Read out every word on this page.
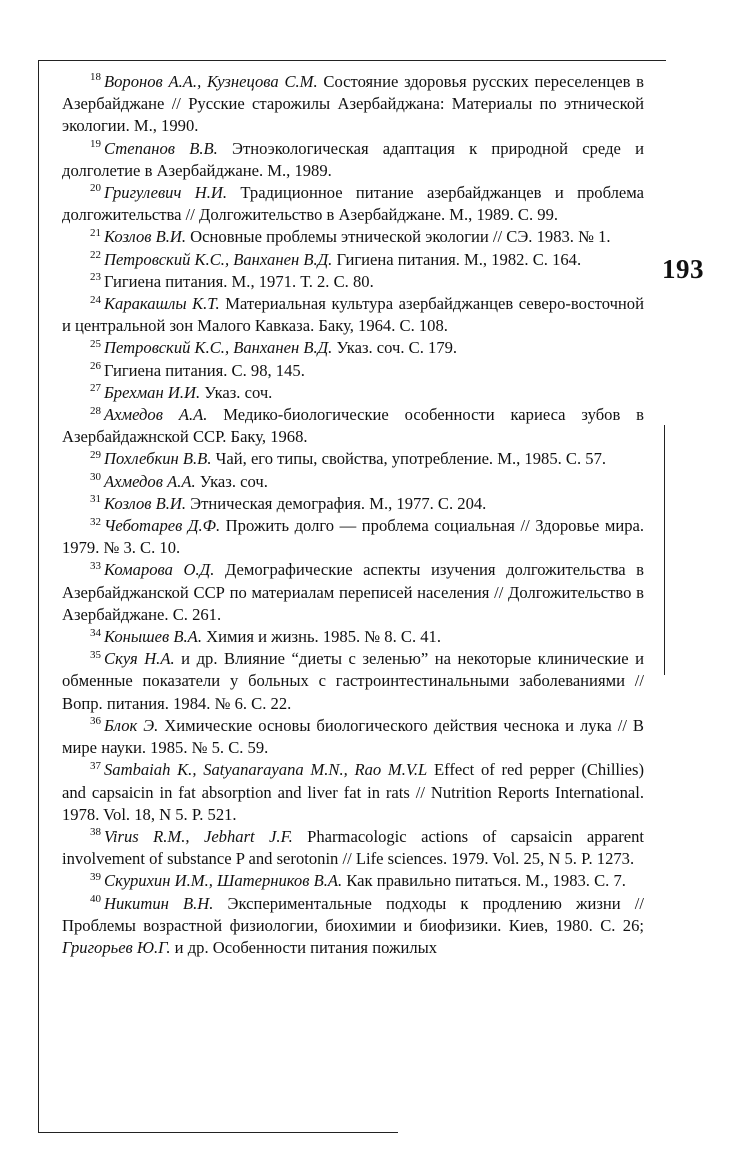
193

$^{18}$ Воронов А.А., Кузнецова С.М. Состояние здоровья русских переселенцев в Азербайджане // Русские старожилы Азербайджана: Материалы по этнической экологии. М., 1990.

$^{19}$ Степанов В.В. Этноэкологическая адаптация к природной среде и долголетие в Азербайджане. М., 1989.

$^{20}$ Григулевич Н.И. Традиционное питание азербайджанцев и проблема долгожительства // Долгожительство в Азербайджане. М., 1989. С. 99.

$^{21}$ Козлов В.И. Основные проблемы этнической экологии // СЭ. 1983. № 1.

$^{22}$ Петровский К.С., Ванханен В.Д. Гигиена питания. М., 1982. С. 164.

$^{23}$ Гигиена питания. М., 1971. Т. 2. С. 80.

$^{24}$ Каракашлы К.Т. Материальная культура азербайджанцев северо-восточной и центральной зон Малого Кавказа. Баку, 1964. С. 108.

$^{25}$ Петровский К.С., Ванханен В.Д. Указ. соч. С. 179.

$^{26}$ Гигиена питания. С. 98, 145.

$^{27}$ Брехман И.И. Указ. соч.

$^{28}$ Ахмедов А.А. Медико-биологические особенности кариеса зубов в Азербайдажнской ССР. Баку, 1968.

$^{29}$ Похлебкин В.В. Чай, его типы, свойства, употребление. М., 1985. С. 57.

$^{30}$ Ахмедов А.А. Указ. соч.

$^{31}$ Козлов В.И. Этническая демография. М., 1977. С. 204.

$^{32}$ Чеботарев Д.Ф. Прожить долго — проблема социальная // Здоровье мира. 1979. № 3. С. 10.

$^{33}$ Комарова О.Д. Демографические аспекты изучения долгожительства в Азербайджанской ССР по материалам переписей населения // Долгожительство в Азербайджане. С. 261.

$^{34}$ Конышев В.А. Химия и жизнь. 1985. № 8. С. 41.

$^{35}$ Скуя Н.А. и др. Влияние “диеты с зеленью” на некоторые клинические и обменные показатели у больных с гастроинтестинальными заболеваниями // Вопр. питания. 1984. № 6. С. 22.

$^{36}$ Блок Э. Химические основы биологического действия чеснока и лука // В мире науки. 1985. № 5. С. 59.

$^{37}$ Sambaiah K., Satyanarayana M.N., Rao M.V.L Effect of red pepper (Chillies) and capsaicin in fat absorption and liver fat in rats // Nutrition Reports International. 1978. Vol. 18, N 5. P. 521.

$^{38}$ Virus R.M., Jebhart J.F. Pharmacologic actions of capsaicin apparent involvement of substance P and serotonin // Life sciences. 1979. Vol. 25, N 5. P. 1273.

$^{39}$ Скурихин И.М., Шатерников В.А. Как правильно питаться. М., 1983. С. 7.

$^{40}$ Никитин В.Н. Экспериментальные подходы к продлению жизни // Проблемы возрастной физиологии, биохимии и биофизики. Киев, 1980. С. 26; Григорьев Ю.Г. и др. Особенности питания пожилых
